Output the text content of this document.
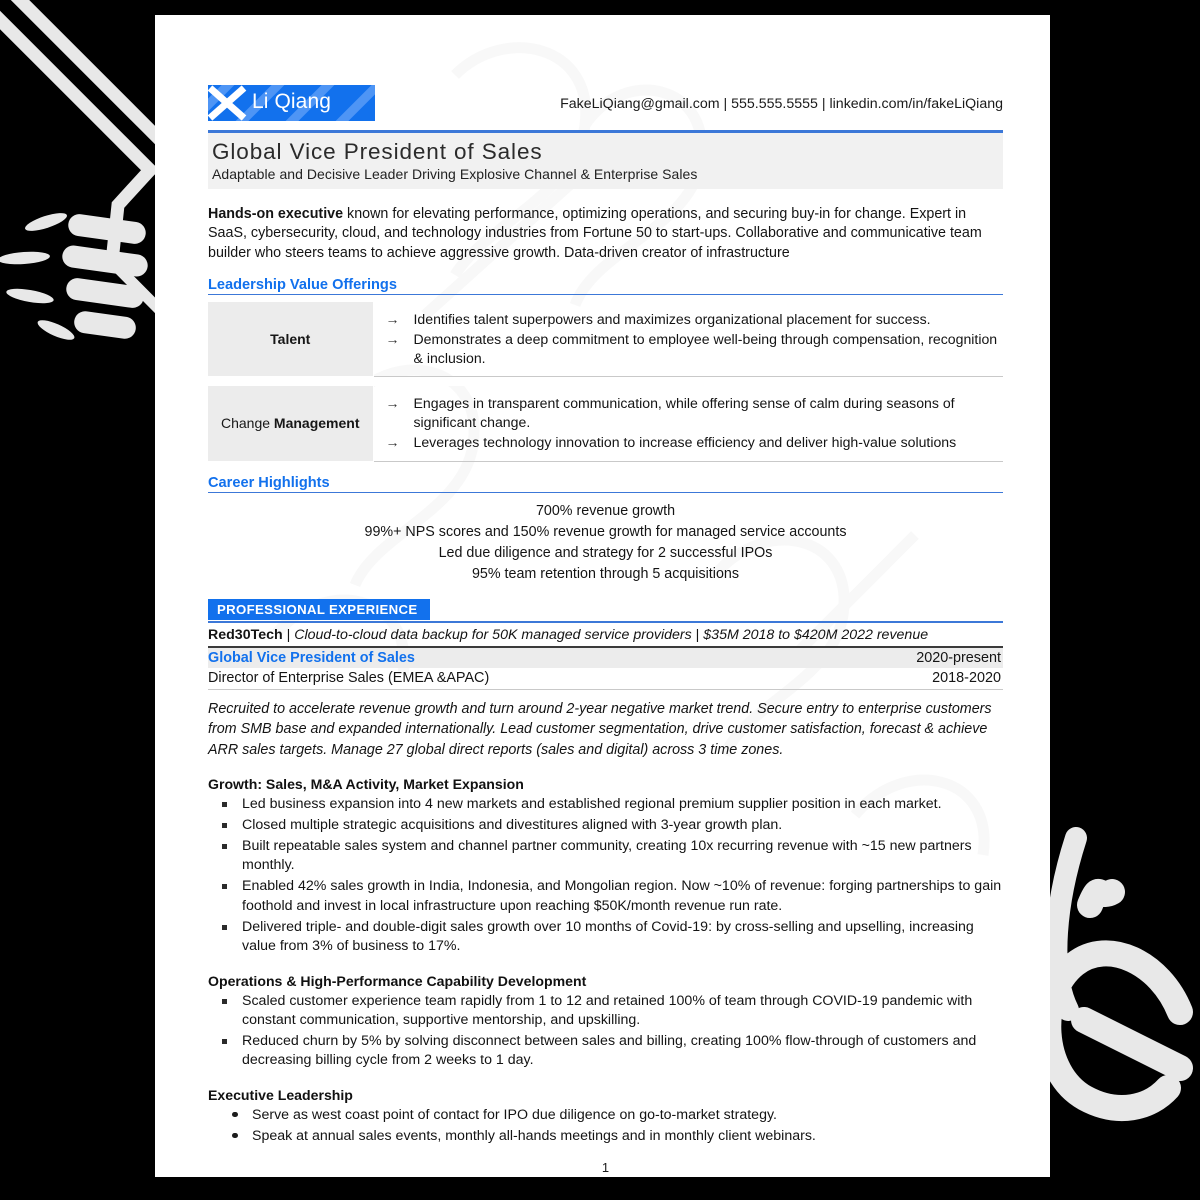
Li Qiang	FakeLiQiang@gmail.com | 555.555.5555 | linkedin.com/in/fakeLiQiang
Global Vice President of Sales
Adaptable and Decisive Leader Driving Explosive Channel & Enterprise Sales
Hands-on executive known for elevating performance, optimizing operations, and securing buy-in for change. Expert in SaaS, cybersecurity, cloud, and technology industries from Fortune 50 to start-ups. Collaborative and communicative team builder who steers teams to achieve aggressive growth. Data-driven creator of infrastructure
Leadership Value Offerings
Talent	
→ Identifies talent superpowers and maximizes organizational placement for success.
→ Demonstrates a deep commitment to employee well-being through compensation, recognition & inclusion.

Change Management	
→ Engages in transparent communication, while offering sense of calm during seasons of significant change.
→ Leverages technology innovation to increase efficiency and deliver high-value solutions
Career Highlights
700% revenue growth
99%+ NPS scores and 150% revenue growth for managed service accounts
Led due diligence and strategy for 2 successful IPOs
95% team retention through 5 acquisitions
PROFESSIONAL EXPERIENCE
Red30Tech | Cloud-to-cloud data backup for 50K managed service providers | $35M 2018 to $420M 2022 revenue
Global Vice President of Sales	2020-present
Director of Enterprise Sales (EMEA &APAC)	2018-2020
Recruited to accelerate revenue growth and turn around 2-year negative market trend. Secure entry to enterprise customers from SMB base and expanded internationally. Lead customer segmentation, drive customer satisfaction, forecast & achieve ARR sales targets. Manage 27 global direct reports (sales and digital) across 3 time zones.
Growth: Sales, M&A Activity, Market Expansion
Led business expansion into 4 new markets and established regional premium supplier position in each market.
Closed multiple strategic acquisitions and divestitures aligned with 3-year growth plan.
Built repeatable sales system and channel partner community, creating 10x recurring revenue with ~15 new partners monthly.
Enabled 42% sales growth in India, Indonesia, and Mongolian region. Now ~10% of revenue: forging partnerships to gain foothold and invest in local infrastructure upon reaching $50K/month revenue run rate.
Delivered triple- and double-digit sales growth over 10 months of Covid-19: by cross-selling and upselling, increasing value from 3% of business to 17%.
Operations & High-Performance Capability Development
Scaled customer experience team rapidly from 1 to 12 and retained 100% of team through COVID-19 pandemic with constant communication, supportive mentorship, and upskilling.
Reduced churn by 5% by solving disconnect between sales and billing, creating 100% flow-through of customers and decreasing billing cycle from 2 weeks to 1 day.
Executive Leadership
Serve as west coast point of contact for IPO due diligence on go-to-market strategy.
Speak at annual sales events, monthly all-hands meetings and in monthly client webinars.
1
